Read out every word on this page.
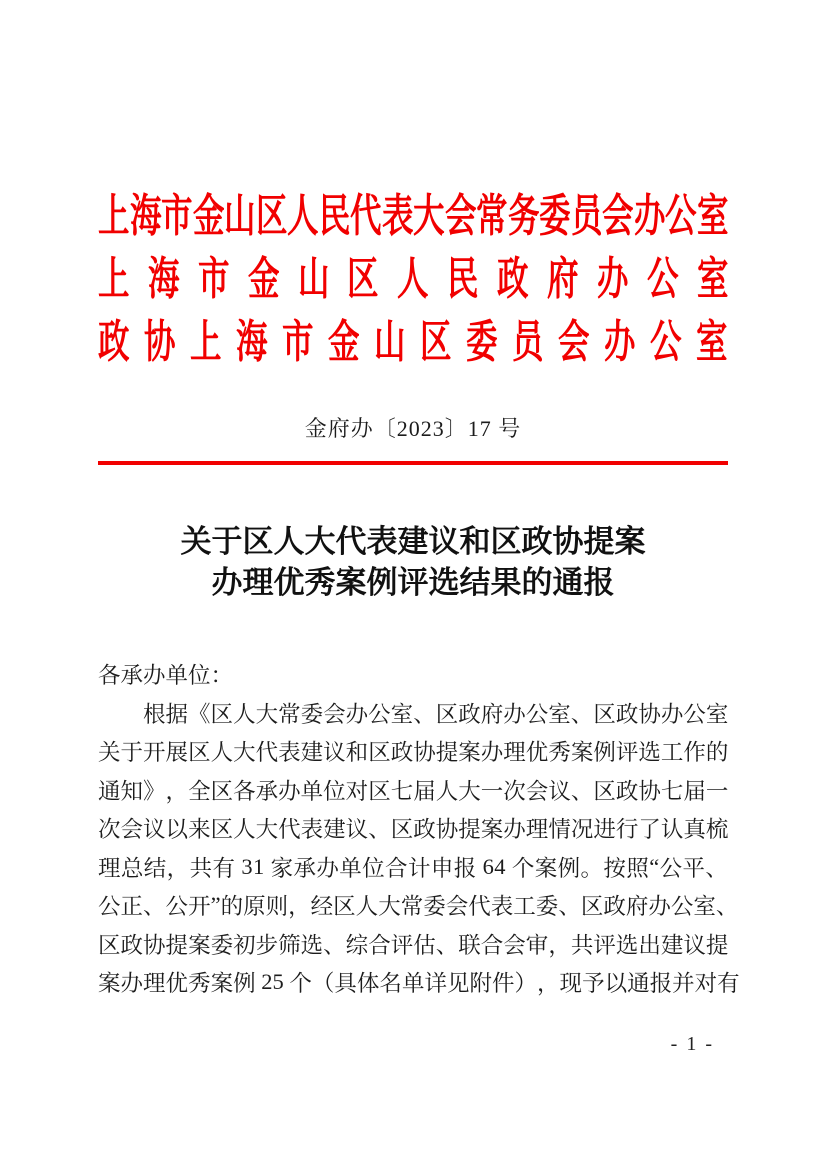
上 海 市 金 山 区 人 民 代 表 大 会 常 务 委 员 会 办 公 室
上 海 市 金 山 区 人 民 政 府 办 公 室
政 协 上 海 市 金 山 区 委 员 会 办 公 室
金府办〔2023〕17 号
关于区人大代表建议和区政协提案
办理优秀案例评选结果的通报
各承办单位：
根 据 《 区 人 大 常 委 会 办 公 室 、 区 政 府 办 公 室 、 区 政 协 办 公 室
关 于 开 展 区 人 大 代 表 建 议 和 区 政 协 提 案 办 理 优 秀 案 例 评 选 工 作 的
通 知 》 ， 全 区 各 承 办 单 位 对 区 七 届 人 大 一 次 会 议 、 区 政 协 七 届 一
次 会 议 以 来 区 人 大 代 表 建 议 、 区 政 协 提 案 办 理 情 况 进 行 了 认 真 梳
理 总 结 ， 共 有
3 1
家 承 办 单 位 合 计 申 报
6 4
个 案 例 。 按 照 “ 公 平 、
公 正 、 公 开 ” 的 原 则 ， 经 区 人 大 常 委 会 代 表 工 委 、 区 政 府 办 公 室 、
区 政 协 提 案 委 初 步 筛 选 、 综 合 评 估 、 联 合 会 审 ， 共 评 选 出 建 议 提
案 办 理 优 秀 案 例
2 5
个 （ 具 体 名 单 详 见 附 件 ） ， 现 予 以 通 报 并 对 有
- 1 -
